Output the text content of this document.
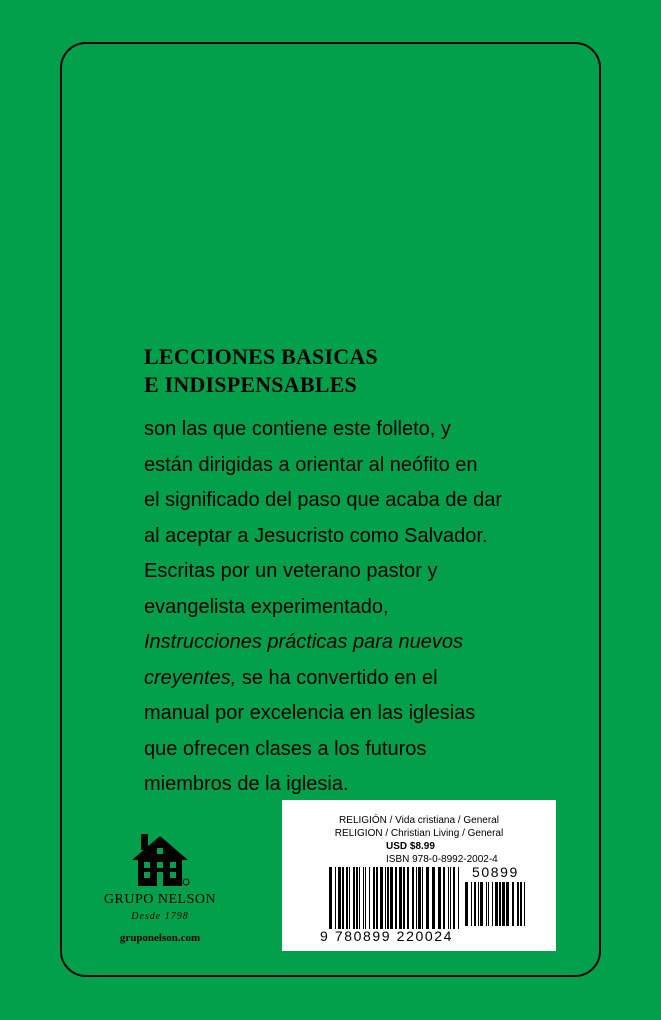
LECCIONES BASICAS
E INDISPENSABLES
son las que contiene este folleto, y
están dirigidas a orientar al neófito en
el significado del paso que acaba de dar
al aceptar a Jesucristo como Salvador.
Escritas por un veterano pastor y
evangelista experimentado,
Instrucciones prácticas para nuevos
creyentes, se ha convertido en el
manual por excelencia en las iglesias
que ofrecen clases a los futuros
miembros de la iglesia.
GRUPO NELSON
Desde 1798
gruponelson.com
RELIGIÓN / Vida cristiana / General
RELIGION / Christian Living / General
USD $8.99
ISBN 978-0-8992-2002-4
50899
9 780899 220024
